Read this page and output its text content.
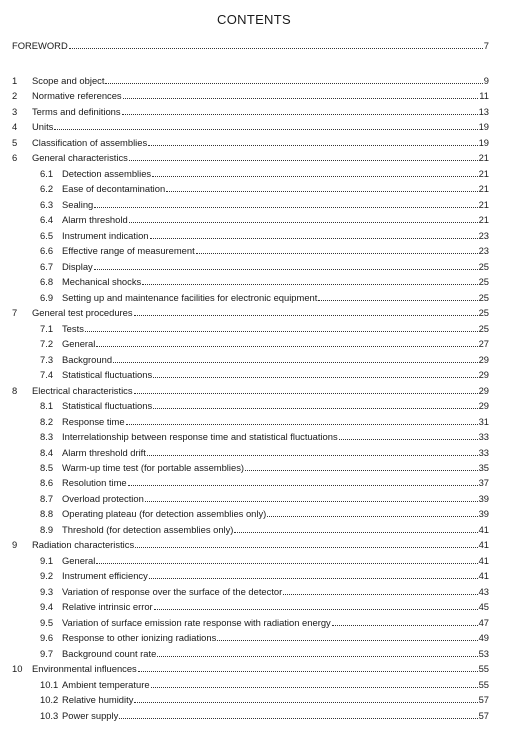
CONTENTS
FOREWORD	7
1 Scope and object	9
2 Normative references	11
3 Terms and definitions	13
4 Units	19
5 Classification of assemblies	19
6 General characteristics	21
6.1 Detection assemblies	21
6.2 Ease of decontamination	21
6.3 Sealing	21
6.4 Alarm threshold	21
6.5 Instrument indication	23
6.6 Effective range of measurement	23
6.7 Display	25
6.8 Mechanical shocks	25
6.9 Setting up and maintenance facilities for electronic equipment	25
7 General test procedures	25
7.1 Tests	25
7.2 General	27
7.3 Background	29
7.4 Statistical fluctuations	29
8 Electrical characteristics	29
8.1 Statistical fluctuations	29
8.2 Response time	31
8.3 Interrelationship between response time and statistical fluctuations	33
8.4 Alarm threshold drift	33
8.5 Warm-up time test (for portable assemblies)	35
8.6 Resolution time	37
8.7 Overload protection	39
8.8 Operating plateau (for detection assemblies only)	39
8.9 Threshold (for detection assemblies only)	41
9 Radiation characteristics	41
9.1 General	41
9.2 Instrument efficiency	41
9.3 Variation of response over the surface of the detector	43
9.4 Relative intrinsic error	45
9.5 Variation of surface emission rate response with radiation energy	47
9.6 Response to other ionizing radiations	49
9.7 Background count rate	53
10 Environmental influences	55
10.1 Ambient temperature	55
10.2 Relative humidity	57
10.3 Power supply	57
